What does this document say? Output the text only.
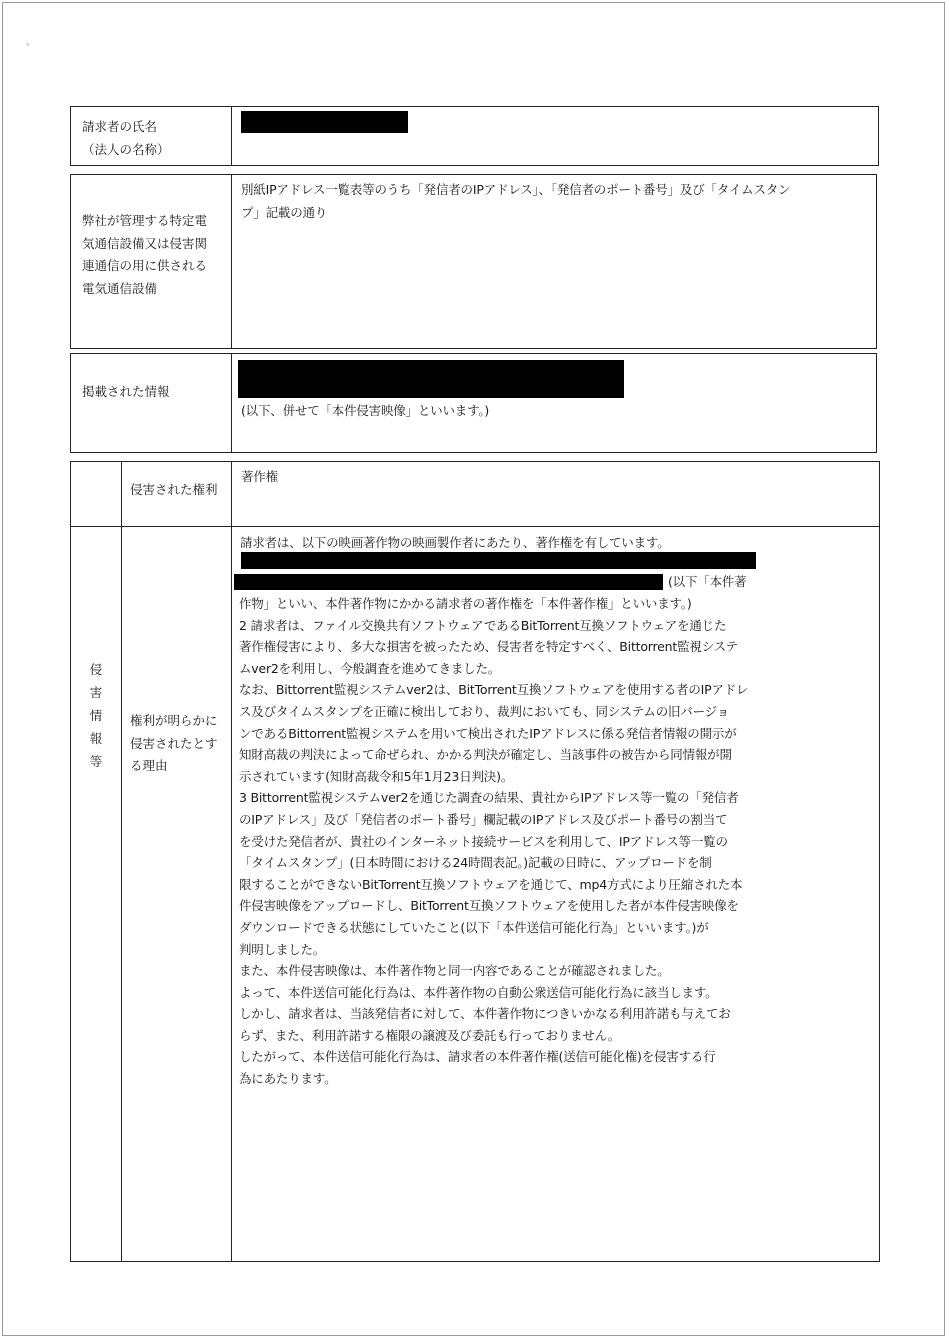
ヽ
請求者の氏名
（法人の名称）
弊社が管理する特定電
気通信設備又は侵害関
連通信の用に供される
電気通信設備
別紙IPアドレス一覧表等のうち「発信者のIPアドレス」、「発信者のポート番号」及び「タイムスタン
プ」記載の通り
掲載された情報
(以下、併せて「本件侵害映像」といいます。)
侵
害
情
報
等
侵害された権利
著作権
権利が明らかに
侵害されたとす
る理由
請求者は、以下の映画著作物の映画製作者にあたり、著作権を有しています。
(以下「本件著
作物」といい、本件著作物にかかる請求者の著作権を「本件著作権」といいます。)
2 請求者は、ファイル交換共有ソフトウェアであるBitTorrent互換ソフトウェアを通じた
著作権侵害により、多大な損害を被ったため、侵害者を特定すべく、Bittorrent監視システ
ムver2を利用し、今般調査を進めてきました。
なお、Bittorrent監視システムver2は、BitTorrent互換ソフトウェアを使用する者のIPアドレ
ス及びタイムスタンプを正確に検出しており、裁判においても、同システムの旧バージョ
ンであるBittorrent監視システムを用いて検出されたIPアドレスに係る発信者情報の開示が
知財高裁の判決によって命ぜられ、かかる判決が確定し、当該事件の被告から同情報が開
示されています(知財高裁令和5年1月23日判決)。
3 Bittorrent監視システムver2を通じた調査の結果、貴社からIPアドレス等一覧の「発信者
のIPアドレス」及び「発信者のポート番号」欄記載のIPアドレス及びポート番号の割当て
を受けた発信者が、貴社のインターネット接続サービスを利用して、IPアドレス等一覧の
「タイムスタンプ」(日本時間における24時間表記。)記載の日時に、アップロードを制
限することができないBitTorrent互換ソフトウェアを通じて、mp4方式により圧縮された本
件侵害映像をアップロードし、BitTorrent互換ソフトウェアを使用した者が本件侵害映像を
ダウンロードできる状態にしていたこと(以下「本件送信可能化行為」といいます。)が
判明しました。
また、本件侵害映像は、本件著作物と同一内容であることが確認されました。
よって、本件送信可能化行為は、本件著作物の自動公衆送信可能化行為に該当します。
しかし、請求者は、当該発信者に対して、本件著作物につきいかなる利用許諾も与えてお
らず、また、利用許諾する権限の譲渡及び委託も行っておりません。
したがって、本件送信可能化行為は、請求者の本件著作権(送信可能化権)を侵害する行
為にあたります。
